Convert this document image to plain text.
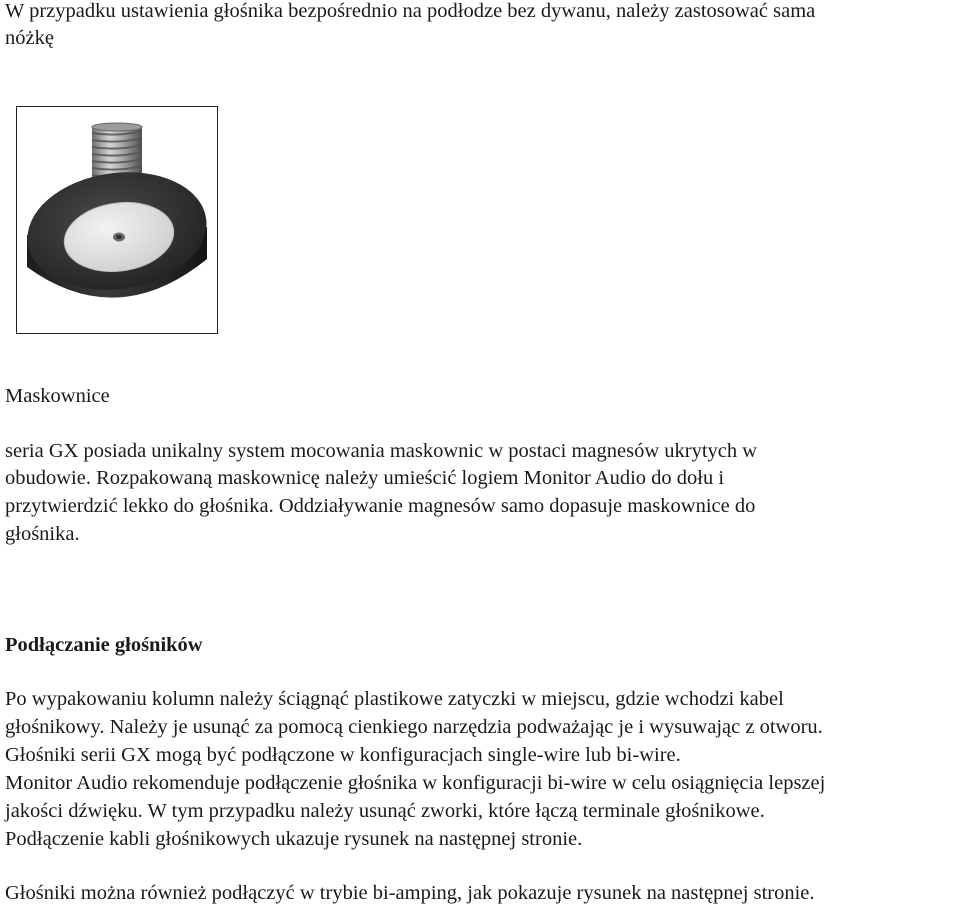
W przypadku ustawienia głośnika bezpośrednio na podłodze bez dywanu, należy zastosować sama

nóżkę

Maskownice

seria GX posiada unikalny system mocowania maskownic w postaci magnesów ukrytych w

obudowie. Rozpakowaną maskownicę należy umieścić logiem Monitor Audio do dołu i

przytwierdzić lekko do głośnika. Oddziaływanie magnesów samo dopasuje maskownice do

głośnika.

Podłączanie głośników

Po wypakowaniu kolumn należy ściągnąć plastikowe zatyczki w miejscu, gdzie wchodzi kabel

głośnikowy. Należy je usunąć za pomocą cienkiego narzędzia podważając je i wysuwając z otworu.

Głośniki serii GX mogą być podłączone w konfiguracjach single-wire lub bi-wire.

Monitor Audio rekomenduje podłączenie głośnika w konfiguracji bi-wire w celu osiągnięcia lepszej

jakości dźwięku. W tym przypadku należy usunąć zworki, które łączą terminale głośnikowe.

Podłączenie kabli głośnikowych ukazuje rysunek na następnej stronie.

Głośniki można również podłączyć w trybie bi-amping, jak pokazuje rysunek na następnej stronie.
